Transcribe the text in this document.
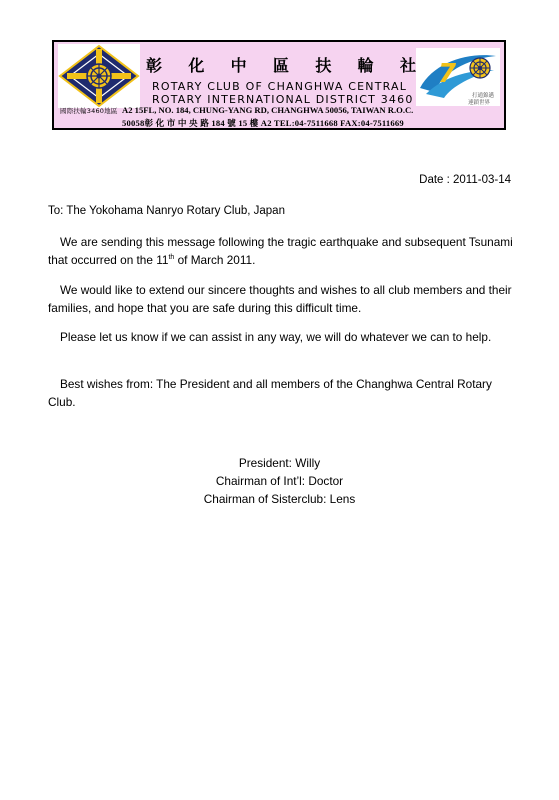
國際扶輪3460地區
彰 化 中 區 扶 輪 社
ROTARY CLUB OF CHANGHWA CENTRAL
ROTARY INTERNATIONAL DISTRICT 3460
A2 15FL, NO. 184, CHUNG-YANG RD, CHANGHWA 50056, TAIWAN R.O.C.
50058彰 化 市 中 央 路 184 號 15 樓 A2 TEL:04-7511668 FAX:04-7511669
7
打通錦邁
連鎖世界
Date : 2011-03-14
To: The Yokohama Nanryo Rotary Club, Japan
We are sending this message following the tragic earthquake and subsequent Tsunami that occurred on the 11th of March 2011.
We would like to extend our sincere thoughts and wishes to all club members and their families, and hope that you are safe during this difficult time.
Please let us know if we can assist in any way, we will do whatever we can to help.
Best wishes from: The President and all members of the Changhwa Central Rotary Club.
President: Willy
Chairman of Int’l: Doctor
Chairman of Sisterclub: Lens
